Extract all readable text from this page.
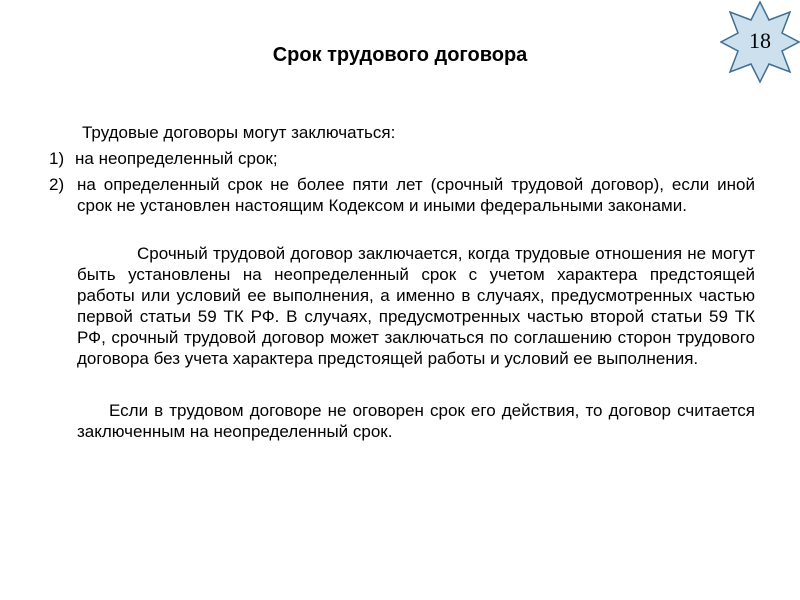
18
Срок трудового договора
Трудовые договоры могут заключаться:
1) на неопределенный срок;
2) на определенный срок не более пяти лет (срочный трудовой договор), если иной срок не установлен настоящим Кодексом и иными федеральными законами.
Срочный трудовой договор заключается, когда трудовые отношения не могут быть установлены на неопределенный срок с учетом характера предстоящей работы или условий ее выполнения, а именно в случаях, предусмотренных частью первой статьи 59 ТК РФ. В случаях, предусмотренных частью второй статьи 59 ТК РФ, срочный трудовой договор может заключаться по соглашению сторон трудового договора без учета характера предстоящей работы и условий ее выполнения.
Если в трудовом договоре не оговорен срок его действия, то договор считается заключенным на неопределенный срок.
